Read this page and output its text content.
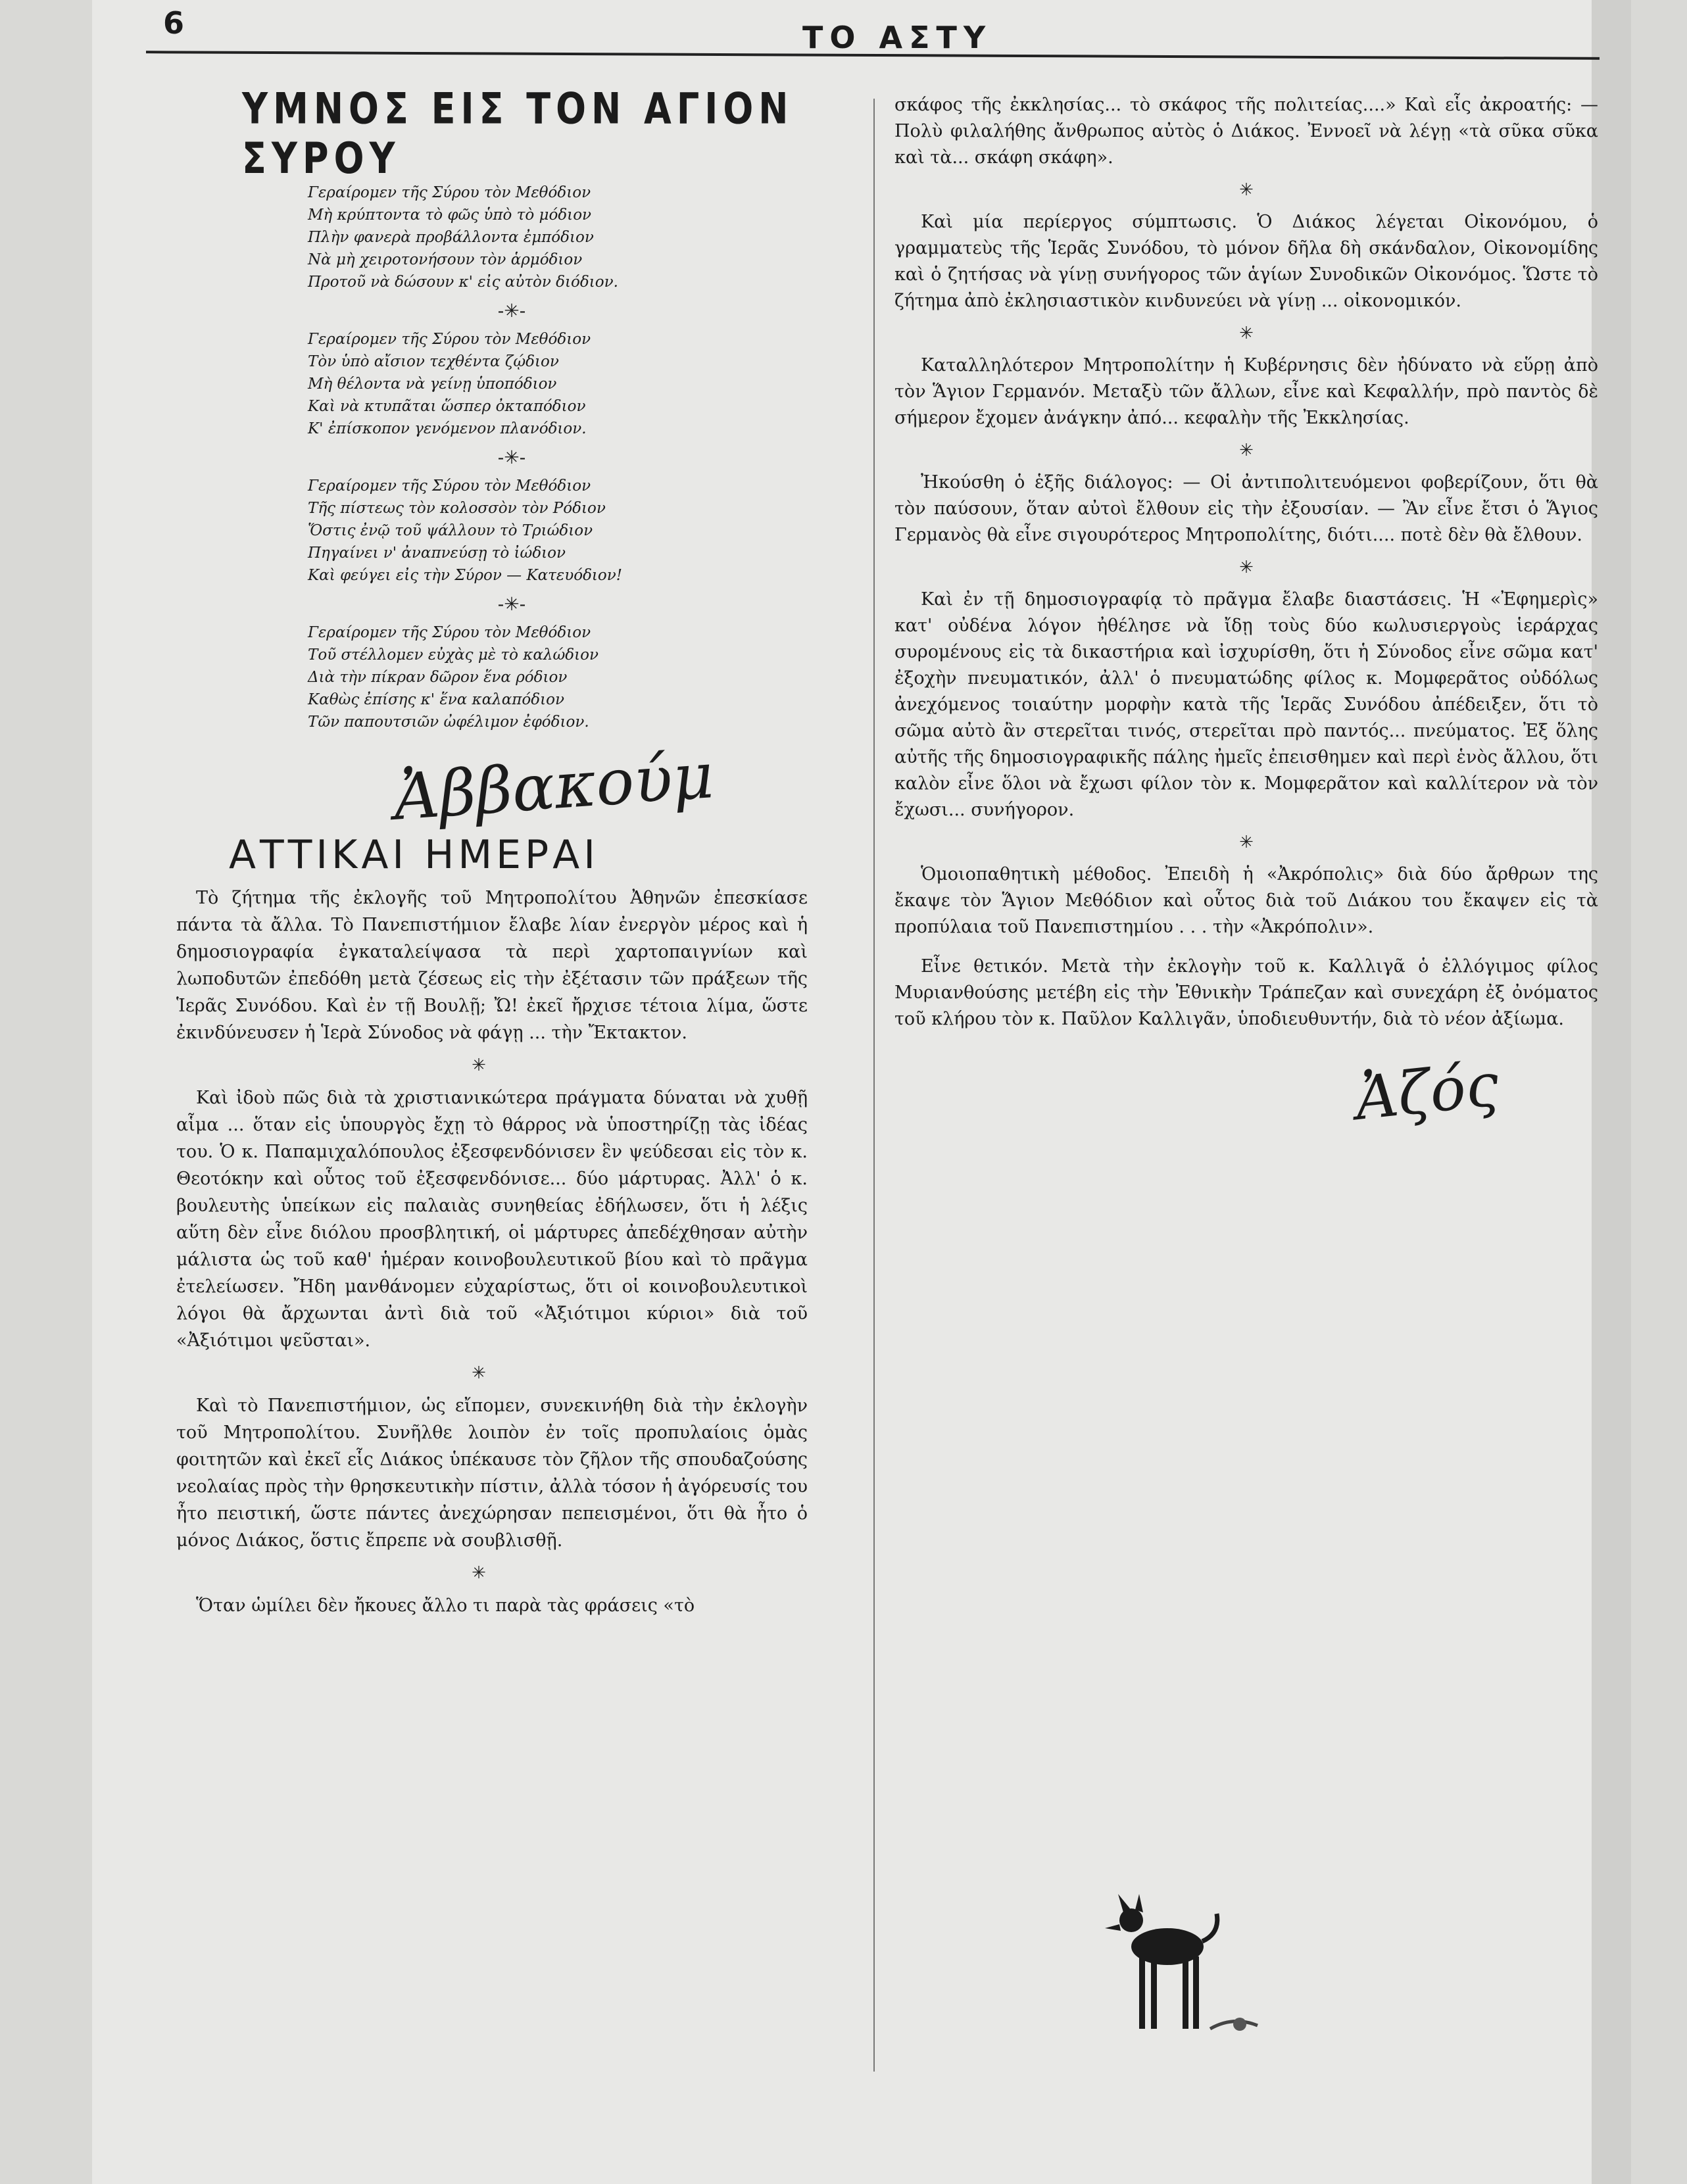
6	ΤΟ ΑΣΤΥ
ΥΜΝΟΣ ΕΙΣ ΤΟΝ ΑΓΙΟΝ ΣΥΡΟΥ
Γεραίρομεν τῆς Σύρου τὸν Μεθόδιον
Μὴ κρύπτοντα τὸ φῶς ὑπὸ τὸ μόδιον
Πλὴν φανερὰ προβάλλοντα ἐμπόδιον
Νὰ μὴ χειροτονήσουν τὸν ἁρμόδιον
Προτοῦ νὰ δώσουν κ' εἰς αὐτὸν διόδιον.
-✳-
Γεραίρομεν τῆς Σύρου τὸν Μεθόδιον
Τὸν ὑπὸ αἴσιον τεχθέντα ζῴδιον
Μὴ θέλοντα νὰ γείνῃ ὑποπόδιον
Καὶ νὰ κτυπᾶται ὥσπερ ὀκταπόδιον
Κ' ἐπίσκοπον γενόμενον πλανόδιον.
-✳-
Γεραίρομεν τῆς Σύρου τὸν Μεθόδιον
Τῆς πίστεως τὸν κολοσσὸν τὸν Ρόδιον
Ὅστις ἐνῷ τοῦ ψάλλουν τὸ Τριώδιον
Πηγαίνει ν' ἀναπνεύσῃ τὸ ἰώδιον
Καὶ φεύγει εἰς τὴν Σύρον — Κατευόδιον!
-✳-
Γεραίρομεν τῆς Σύρου τὸν Μεθόδιον
Τοῦ στέλλομεν εὐχὰς μὲ τὸ καλώδιον
Διὰ τὴν πίκραν δῶρον ἕνα ρόδιον
Καθὼς ἐπίσης κ' ἕνα καλαπόδιον
Τῶν παπουτσιῶν ὠφέλιμον ἐφόδιον.
Ἀββακούμ
ΑΤΤΙΚΑΙ ΗΜΕΡΑΙ

Τὸ ζήτημα τῆς ἐκλογῆς τοῦ Μητροπολίτου Ἀθηνῶν ἐπεσκίασε πάντα τὰ ἄλλα. Τὸ Πανεπιστήμιον ἔλαβε λίαν ἐνεργὸν μέρος καὶ ἡ δημοσιογραφία ἐγκαταλείψασα τὰ περὶ χαρτοπαιγνίων καὶ λωποδυτῶν ἐπεδόθη μετὰ ζέσεως εἰς τὴν ἐξέτασιν τῶν πράξεων τῆς Ἱερᾶς Συνόδου. Καὶ ἐν τῇ Βουλῇ; Ὤ! ἐκεῖ ἤρχισε τέτοια λίμα, ὥστε ἐκινδύνευσεν ἡ Ἱερὰ Σύνοδος νὰ φάγῃ ... τὴν Ἔκτακτον.

✳

Καὶ ἰδοὺ πῶς διὰ τὰ χριστιανικώτερα πράγματα δύναται νὰ χυθῇ αἷμα ... ὅταν εἰς ὑπουργὸς ἔχῃ τὸ θάρρος νὰ ὑποστηρίζῃ τὰς ἰδέας του. Ὁ κ. Παπαμιχαλόπουλος ἐξεσφενδόνισεν ἓν ψεύδεσαι εἰς τὸν κ. Θεοτόκην καὶ οὗτος τοῦ ἐξεσφενδόνισε... δύο μάρτυρας. Ἀλλ' ὁ κ. βουλευτὴς ὑπείκων εἰς παλαιὰς συνηθείας ἐδήλωσεν, ὅτι ἡ λέξις αὕτη δὲν εἶνε διόλου προσβλητική, οἱ μάρτυρες ἀπεδέχθησαν αὐτὴν μάλιστα ὡς τοῦ καθ' ἡμέραν κοινοβουλευτικοῦ βίου καὶ τὸ πρᾶγμα ἐτελείωσεν. Ἤδη μανθάνομεν εὐχαρίστως, ὅτι οἱ κοινοβουλευτικοὶ λόγοι θὰ ἄρχωνται ἀντὶ διὰ τοῦ «Ἀξιότιμοι κύριοι» διὰ τοῦ «Ἀξιότιμοι ψεῦσται».

✳

Καὶ τὸ Πανεπιστήμιον, ὡς εἴπομεν, συνεκινήθη διὰ τὴν ἐκλογὴν τοῦ Μητροπολίτου. Συνῆλθε λοιπὸν ἐν τοῖς προπυλαίοις ὁμὰς φοιτητῶν καὶ ἐκεῖ εἷς Διάκος ὑπέκαυσε τὸν ζῆλον τῆς σπουδαζούσης νεολαίας πρὸς τὴν θρησκευτικὴν πίστιν, ἀλλὰ τόσον ἡ ἀγόρευσίς του ἦτο πειστική, ὥστε πάντες ἀνεχώρησαν πεπεισμένοι, ὅτι θὰ ἦτο ὁ μόνος Διάκος, ὅστις ἔπρεπε νὰ σουβλισθῇ.

✳

Ὅταν ὡμίλει δὲν ἤκουες ἄλλο τι παρὰ τὰς φράσεις «τὸ

σκάφος τῆς ἐκκλησίας... τὸ σκάφος τῆς πολιτείας....» Καὶ εἷς ἀκροατής: — Πολὺ φιλαλήθης ἄνθρωπος αὐτὸς ὁ Διάκος. Ἐννοεῖ νὰ λέγῃ «τὰ σῦκα σῦκα καὶ τὰ... σκάφη σκάφη».

✳

Καὶ μία περίεργος σύμπτωσις. Ὁ Διάκος λέγεται Οἰκονόμου, ὁ γραμματεὺς τῆς Ἱερᾶς Συνόδου, τὸ μόνον δῆλα δὴ σκάνδαλον, Οἰκονομίδης καὶ ὁ ζητήσας νὰ γίνῃ συνήγορος τῶν ἁγίων Συνοδικῶν Οἰκονόμος. Ὥστε τὸ ζήτημα ἀπὸ ἐκλησιαστικὸν κινδυνεύει νὰ γίνῃ ... οἰκονομικόν.

✳

Καταλληλότερον Μητροπολίτην ἡ Κυβέρνησις δὲν ἠδύνατο νὰ εὕρῃ ἀπὸ τὸν Ἅγιον Γερμανόν. Μεταξὺ τῶν ἄλλων, εἶνε καὶ Κεφαλλήν, πρὸ παντὸς δὲ σήμερον ἔχομεν ἀνάγκην ἀπό... κεφαλὴν τῆς Ἐκκλησίας.

✳

Ἠκούσθη ὁ ἑξῆς διάλογος: — Οἱ ἀντιπολιτευόμενοι φοβερίζουν, ὅτι θὰ τὸν παύσουν, ὅταν αὐτοὶ ἔλθουν εἰς τὴν ἐξουσίαν. — Ἂν εἶνε ἔτσι ὁ Ἅγιος Γερμανὸς θὰ εἶνε σιγουρότερος Μητροπολίτης, διότι.... ποτὲ δὲν θὰ ἔλθουν.

✳

Καὶ ἐν τῇ δημοσιογραφίᾳ τὸ πρᾶγμα ἔλαβε διαστάσεις. Ἡ «Ἐφημερὶς» κατ' οὐδένα λόγον ἠθέλησε νὰ ἴδῃ τοὺς δύο κωλυσιεργοὺς ἱεράρχας συρομένους εἰς τὰ δικαστήρια καὶ ἰσχυρίσθη, ὅτι ἡ Σύνοδος εἶνε σῶμα κατ' ἐξοχὴν πνευματικόν, ἀλλ' ὁ πνευματώδης φίλος κ. Μομφερᾶτος οὐδόλως ἀνεχόμενος τοιαύτην μορφὴν κατὰ τῆς Ἱερᾶς Συνόδου ἀπέδειξεν, ὅτι τὸ σῶμα αὐτὸ ἂν στερεῖται τινός, στερεῖται πρὸ παντός... πνεύματος. Ἐξ ὅλης αὐτῆς τῆς δημοσιογραφικῆς πάλης ἠμεῖς ἐπεισθημεν καὶ περὶ ἑνὸς ἄλλου, ὅτι καλὸν εἶνε ὅλοι νὰ ἔχωσι φίλον τὸν κ. Μομφερᾶτον καὶ καλλίτερον νὰ τὸν ἔχωσι... συνήγορον.

✳

Ὁμοιοπαθητικὴ μέθοδος. Ἐπειδὴ ἡ «Ἀκρόπολις» διὰ δύο ἄρθρων της ἔκαψε τὸν Ἅγιον Μεθόδιον καὶ οὗτος διὰ τοῦ Διάκου του ἔκαψεν εἰς τὰ προπύλαια τοῦ Πανεπιστημίου . . . τὴν «Ἀκρόπολιν».

Εἶνε θετικόν. Μετὰ τὴν ἐκλογὴν τοῦ κ. Καλλιγᾶ ὁ ἐλλόγιμος φίλος Μυριανθούσης μετέβη εἰς τὴν Ἐθνικὴν Τράπεζαν καὶ συνεχάρη ἐξ ὀνόματος τοῦ κλήρου τὸν κ. Παῦλον Καλλιγᾶν, ὑποδιευθυντήν, διὰ τὸ νέον ἀξίωμα.

Ἀζός
